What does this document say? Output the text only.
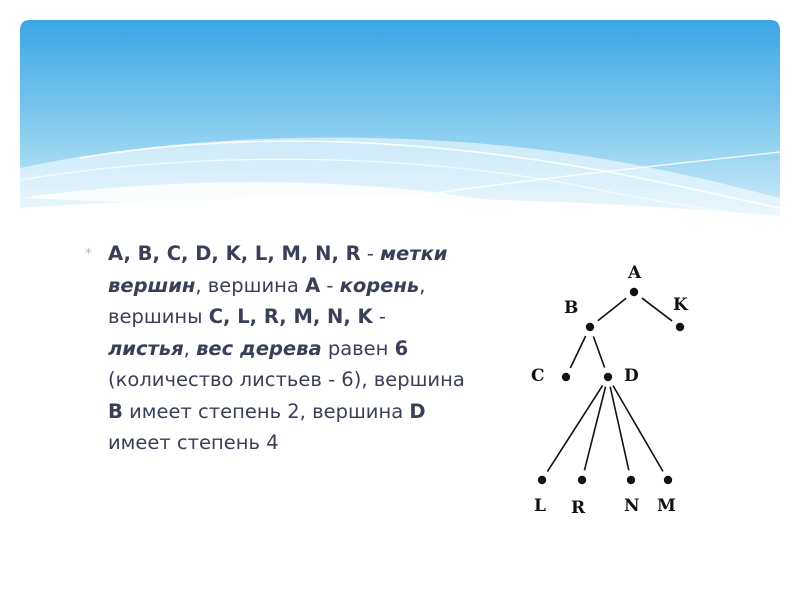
* A, B, C, D, K, L, M, N, R - метки вершин, вершина A - корень, вершины C, L, R, M, N, K - листья, вес дерева равен 6 (количество листьев - 6), вершина B имеет степень 2, вершина D имеет степень 4
A
B	K
C	D
L R N M
